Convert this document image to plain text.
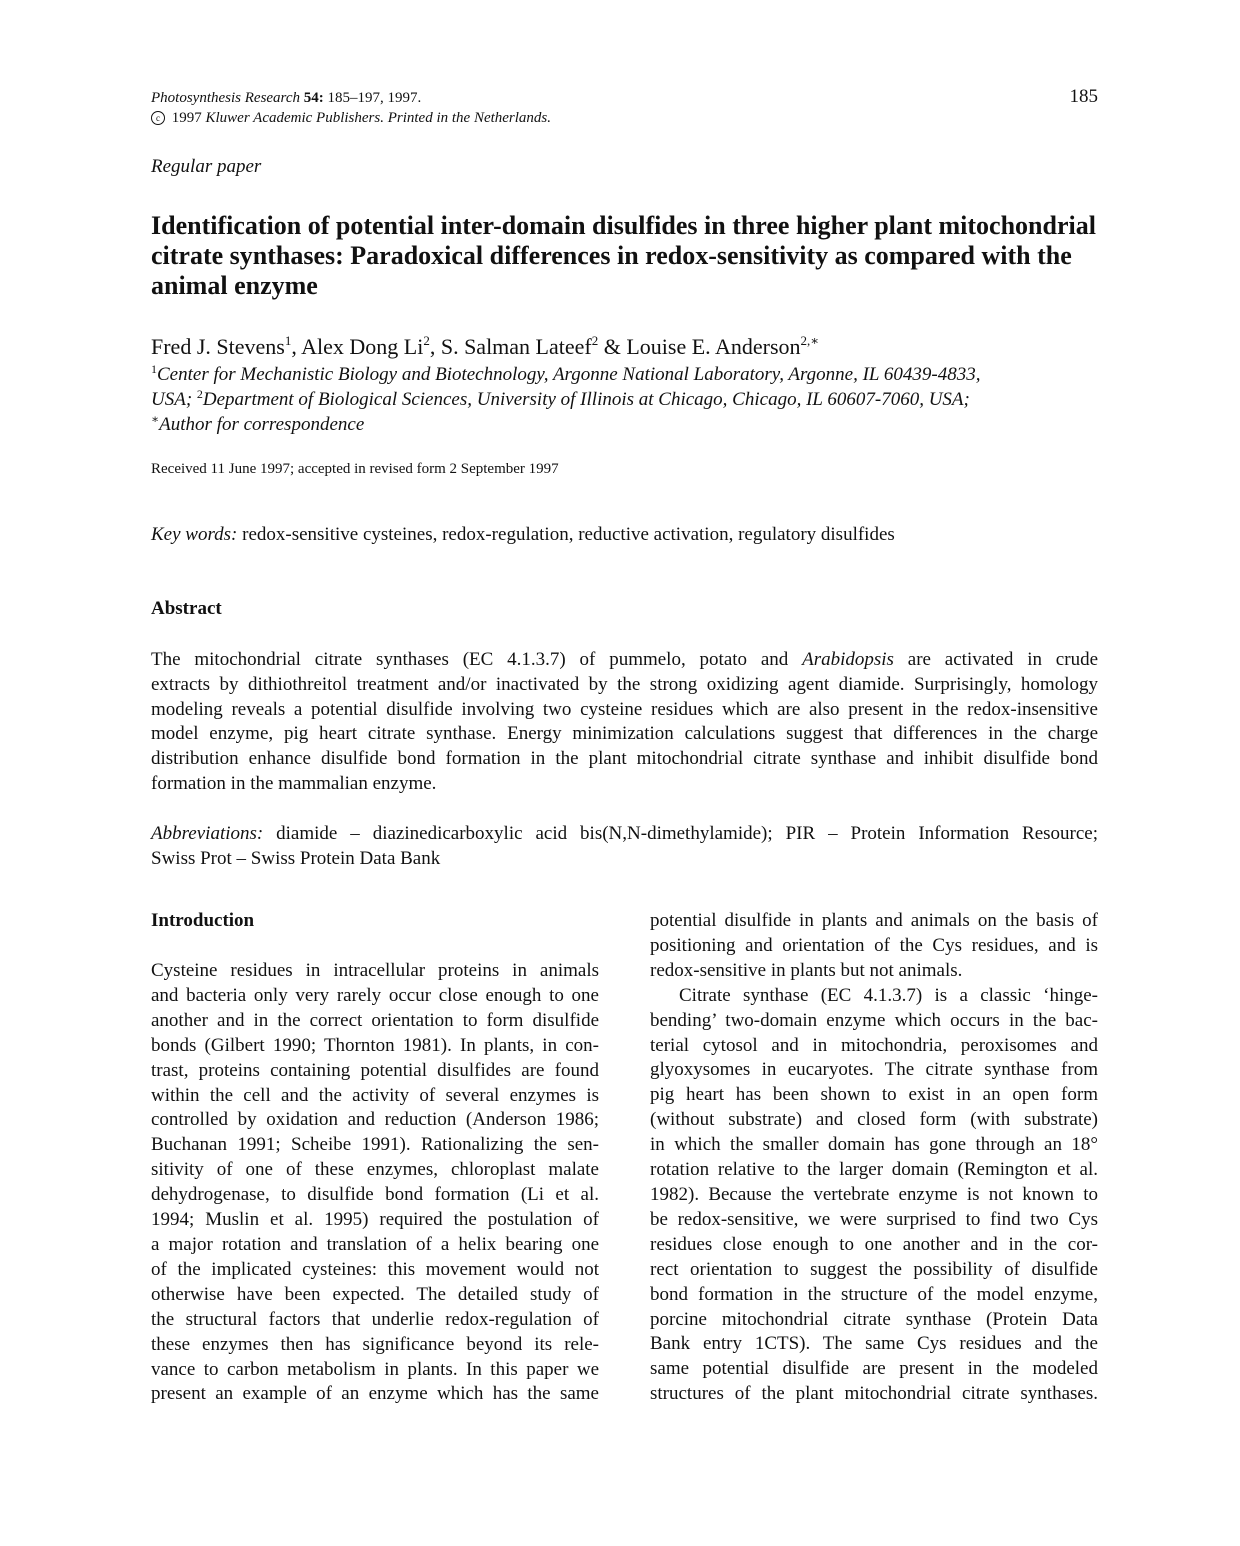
Photosynthesis Research 54: 185–197, 1997.
c 1997 Kluwer Academic Publishers. Printed in the Netherlands.
185
Regular paper
Identification of potential inter-domain disulfides in three higher plant mitochondrial citrate synthases: Paradoxical differences in redox-sensitivity as compared with the animal enzyme
Fred J. Stevens$^1$, Alex Dong Li$^2$, S. Salman Lateef$^2$ & Louise E. Anderson$^{2,∗}$
$^1$Center for Mechanistic Biology and Biotechnology, Argonne National Laboratory, Argonne, IL 60439-4833,
USA; $^2$Department of Biological Sciences, University of Illinois at Chicago, Chicago, IL 60607-7060, USA;
∗Author for correspondence
Received 11 June 1997; accepted in revised form 2 September 1997
Key words: redox-sensitive cysteines, redox-regulation, reductive activation, regulatory disulfides
Abstract
The mitochondrial citrate synthases (EC 4.1.3.7) of pummelo, potato and Arabidopsis are activated in crude
extracts by dithiothreitol treatment and/or inactivated by the strong oxidizing agent diamide. Surprisingly, homology
modeling reveals a potential disulfide involving two cysteine residues which are also present in the redox-insensitive
model enzyme, pig heart citrate synthase. Energy minimization calculations suggest that differences in the charge
distribution enhance disulfide bond formation in the plant mitochondrial citrate synthase and inhibit disulfide bond
formation in the mammalian enzyme.
Abbreviations: diamide – diazinedicarboxylic acid bis(N,N-dimethylamide); PIR – Protein Information Resource;
Swiss Prot – Swiss Protein Data Bank
Introduction
Cysteine residues in intracellular proteins in animals
and bacteria only very rarely occur close enough to one
another and in the correct orientation to form disulfide
bonds (Gilbert 1990; Thornton 1981). In plants, in con-
trast, proteins containing potential disulfides are found
within the cell and the activity of several enzymes is
controlled by oxidation and reduction (Anderson 1986;
Buchanan 1991; Scheibe 1991). Rationalizing the sen-
sitivity of one of these enzymes, chloroplast malate
dehydrogenase, to disulfide bond formation (Li et al.
1994; Muslin et al. 1995) required the postulation of
a major rotation and translation of a helix bearing one
of the implicated cysteines: this movement would not
otherwise have been expected. The detailed study of
the structural factors that underlie redox-regulation of
these enzymes then has significance beyond its rele-
vance to carbon metabolism in plants. In this paper we
present an example of an enzyme which has the same
potential disulfide in plants and animals on the basis of
positioning and orientation of the Cys residues, and is
redox-sensitive in plants but not animals.
Citrate synthase (EC 4.1.3.7) is a classic ‘hinge-
bending’ two-domain enzyme which occurs in the bac-
terial cytosol and in mitochondria, peroxisomes and
glyoxysomes in eucaryotes. The citrate synthase from
pig heart has been shown to exist in an open form
(without substrate) and closed form (with substrate)
in which the smaller domain has gone through an 18°
rotation relative to the larger domain (Remington et al.
1982). Because the vertebrate enzyme is not known to
be redox-sensitive, we were surprised to find two Cys
residues close enough to one another and in the cor-
rect orientation to suggest the possibility of disulfide
bond formation in the structure of the model enzyme,
porcine mitochondrial citrate synthase (Protein Data
Bank entry 1CTS). The same Cys residues and the
same potential disulfide are present in the modeled
structures of the plant mitochondrial citrate synthases.
